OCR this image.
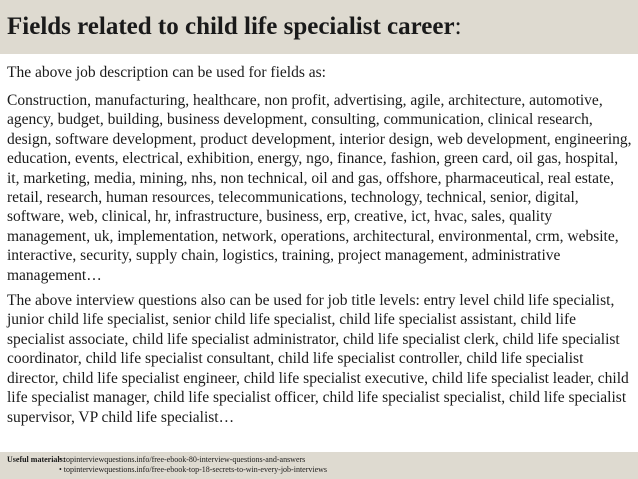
Fields related to child life specialist career:

The above job description can be used for fields as:

Construction, manufacturing, healthcare, non profit, advertising, agile, architecture, automotive, agency, budget, building, business development, consulting, communication, clinical research, design, software development, product development, interior design, web development, engineering, education, events, electrical, exhibition, energy, ngo, finance, fashion, green card, oil gas, hospital, it, marketing, media, mining, nhs, non technical, oil and gas, offshore, pharmaceutical, real estate, retail, research, human resources, telecommunications, technology, technical, senior, digital, software, web, clinical, hr, infrastructure, business, erp, creative, ict, hvac, sales, quality management, uk, implementation, network, operations, architectural, environmental, crm, website, interactive, security, supply chain, logistics, training, project management, administrative management…

The above interview questions also can be used for job title levels: entry level child life specialist, junior child life specialist, senior child life specialist, child life specialist assistant, child life specialist associate, child life specialist administrator, child life specialist clerk, child life specialist coordinator, child life specialist consultant, child life specialist controller, child life specialist director, child life specialist engineer, child life specialist executive, child life specialist leader, child life specialist manager, child life specialist officer, child life specialist specialist, child life specialist supervisor, VP child life specialist…

Useful materials:
• topinterviewquestions.info/free-ebook-80-interview-questions-and-answers
• topinterviewquestions.info/free-ebook-top-18-secrets-to-win-every-job-interviews
